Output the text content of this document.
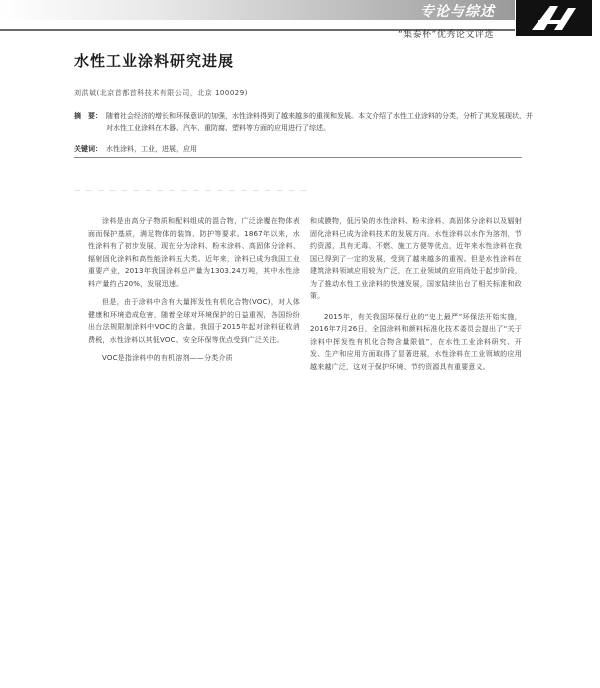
专论与综述
“集泰杯”优秀论文评选
水性工业涂料研究进展
刘洪斌(北京首都首科技术有限公司，北京 100029)
摘　要： 随着社会经济的增长和环保意识的加强，水性涂料得到了越来越多的重视和发展。本文介绍了水性工业涂料的分类，分析了其发展现状，并对水性工业涂料在木器、汽车、重防腐、塑料等方面的应用进行了综述。
关键词： 水性涂料，工业，进展，应用
— — — — — — — — — — — — — — — — — — — —

涂料是由高分子物质和配料组成的混合物，广泛涂覆在物体表面而保护基质，满足物体的装饰、防护等要求。1867年以来，水性涂料有了初步发展，现在分为涂料、粉末涂料、高固体分涂料、辐射固化涂料和高性能涂料五大类。近年来，涂料已成为我国工业重要产业，2013年我国涂料总产量为1303.24万吨，其中水性涂料产量约占20%，发展迅速。

但是，由于涂料中含有大量挥发性有机化合物(VOC)，对人体健康和环境造成危害，随着全球对环境保护的日益重视，各国纷纷出台法规限制涂料中VOC的含量。我国于2015年起对涂料征收消费税，水性涂料以其低VOC、安全环保等优点受到广泛关注。

VOC是指涂料中的有机溶剂——分类介质

和成膜物，低污染的水性涂料、粉末涂料、高固体分涂料以及辐射固化涂料已成为涂料技术的发展方向。水性涂料以水作为溶剂，节约资源，具有无毒、不燃、施工方便等优点，近年来水性涂料在我国已得到了一定的发展，受到了越来越多的重视。但是水性涂料在建筑涂料领域应用较为广泛，在工业领域的应用尚处于起步阶段，为了推动水性工业涂料的快速发展，国家陆续出台了相关标准和政策。

2015年，有关我国环保行业的“史上最严”环保法开始实施，2016年7月26日，全国涂料和颜料标准化技术委员会提出了“关于涂料中挥发性有机化合物含量限值”，在水性工业涂料研究、开发、生产和应用方面取得了显著进展，水性涂料在工业领域的应用越来越广泛，这对于保护环境、节约资源具有重要意义。
